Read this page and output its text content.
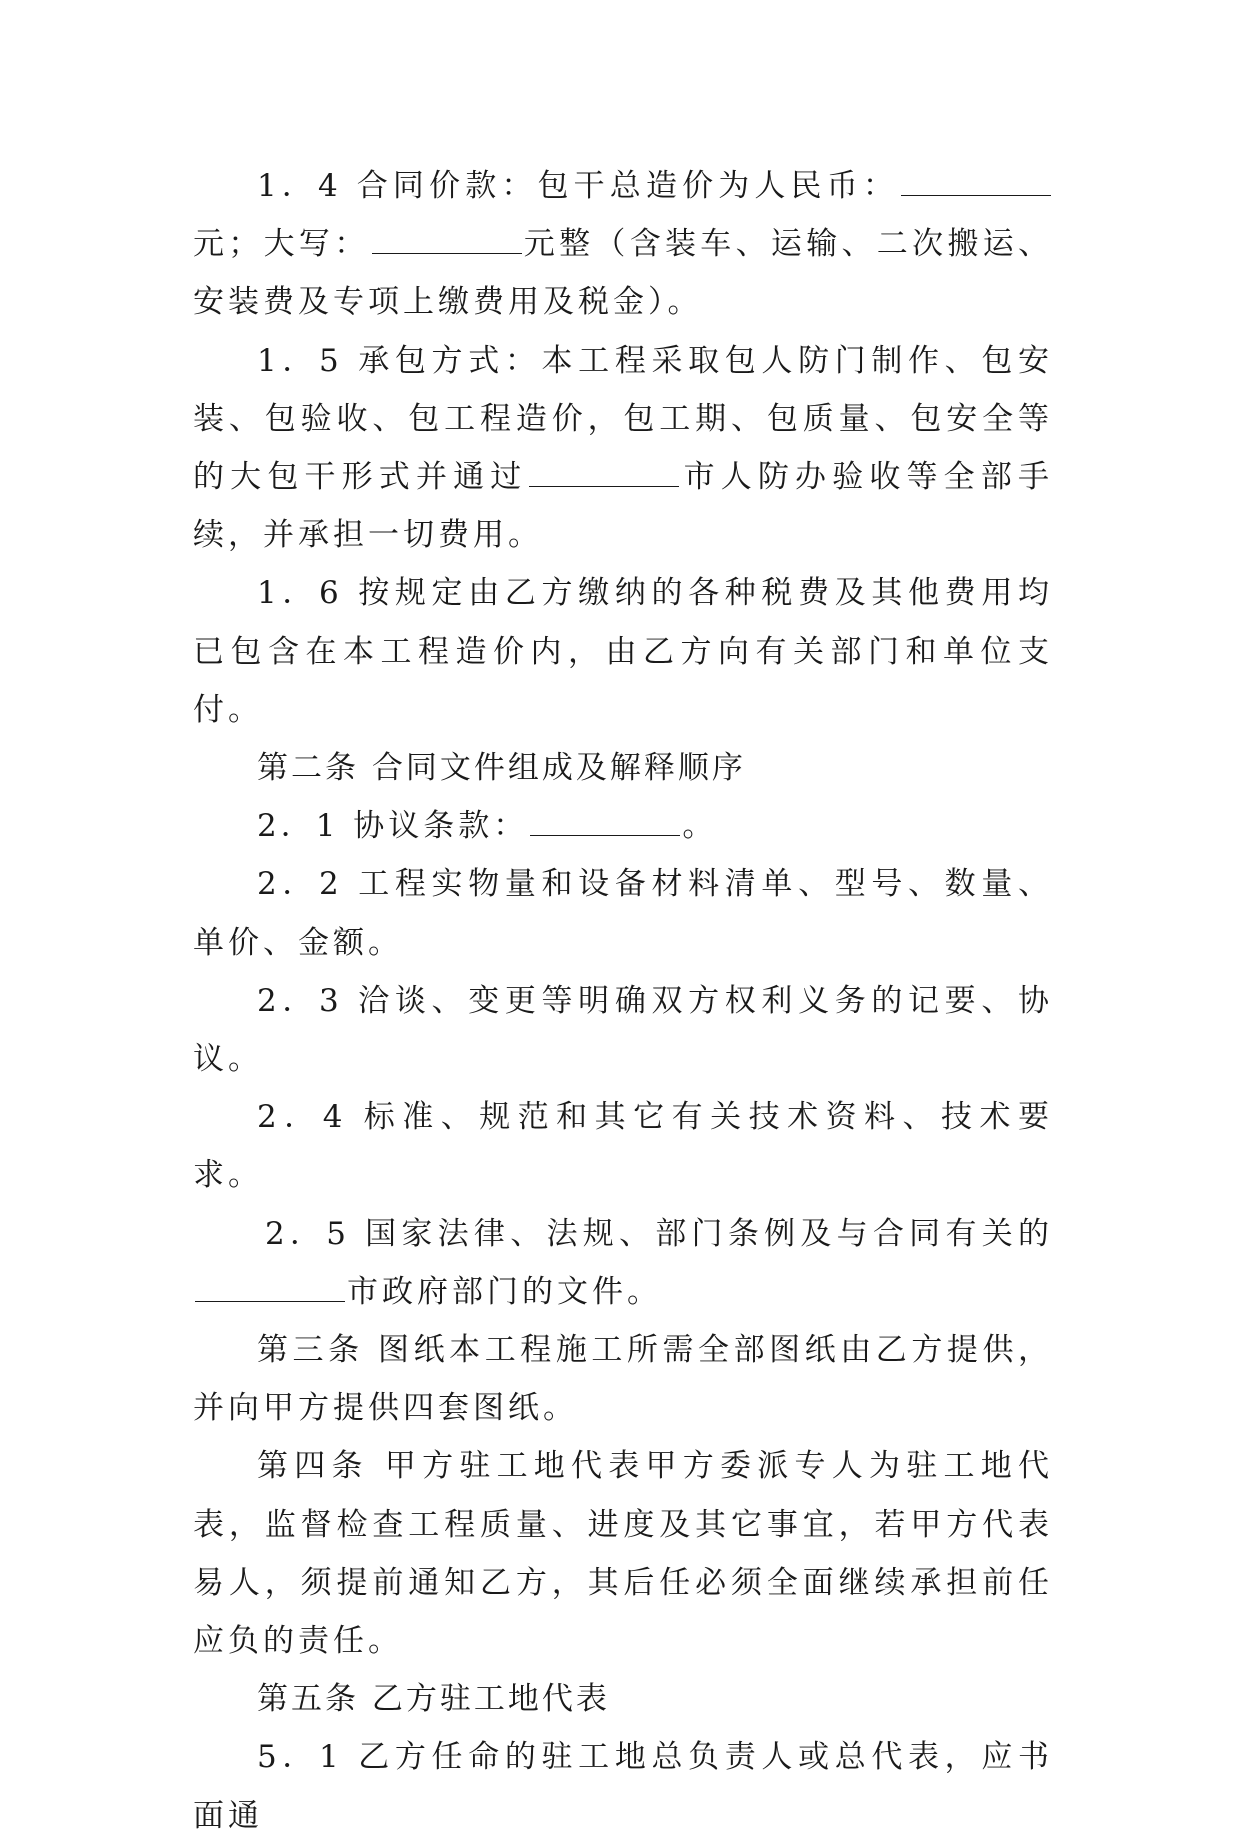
1．4 合同价款：包干总造价为人民币：元；大写：	元整（含装车、运输、二次搬运、安装费及专项上缴费用及税金）。

1．5 承包方式：本工程采取包人防门制作、包安装、包验收、包工程造价，包工期、包质量、包安全等的大包干形式并通过	市人防办验收等全部手续，并承担一切费用。

1．6 按规定由乙方缴纳的各种税费及其他费用均已包含在本工程造价内，由乙方向有关部门和单位支付。

第二条 合同文件组成及解释顺序

2．1 协议条款：	。

2．2 工程实物量和设备材料清单、型号、数量、单价、金额。

2．3 洽谈、变更等明确双方权利义务的记要、协议。

2．4 标准、规范和其它有关技术资料、技术要求。

2．5 国家法律、法规、部门条例及与合同有关的市政府部门的文件。

第三条 图纸本工程施工所需全部图纸由乙方提供，并向甲方提供四套图纸。

第四条 甲方驻工地代表甲方委派专人为驻工地代表，监督检查工程质量、进度及其它事宜，若甲方代表易人，须提前通知乙方，其后任必须全面继续承担前任应负的责任。

第五条 乙方驻工地代表

5．1 乙方任命的驻工地总负责人或总代表，应书面通
